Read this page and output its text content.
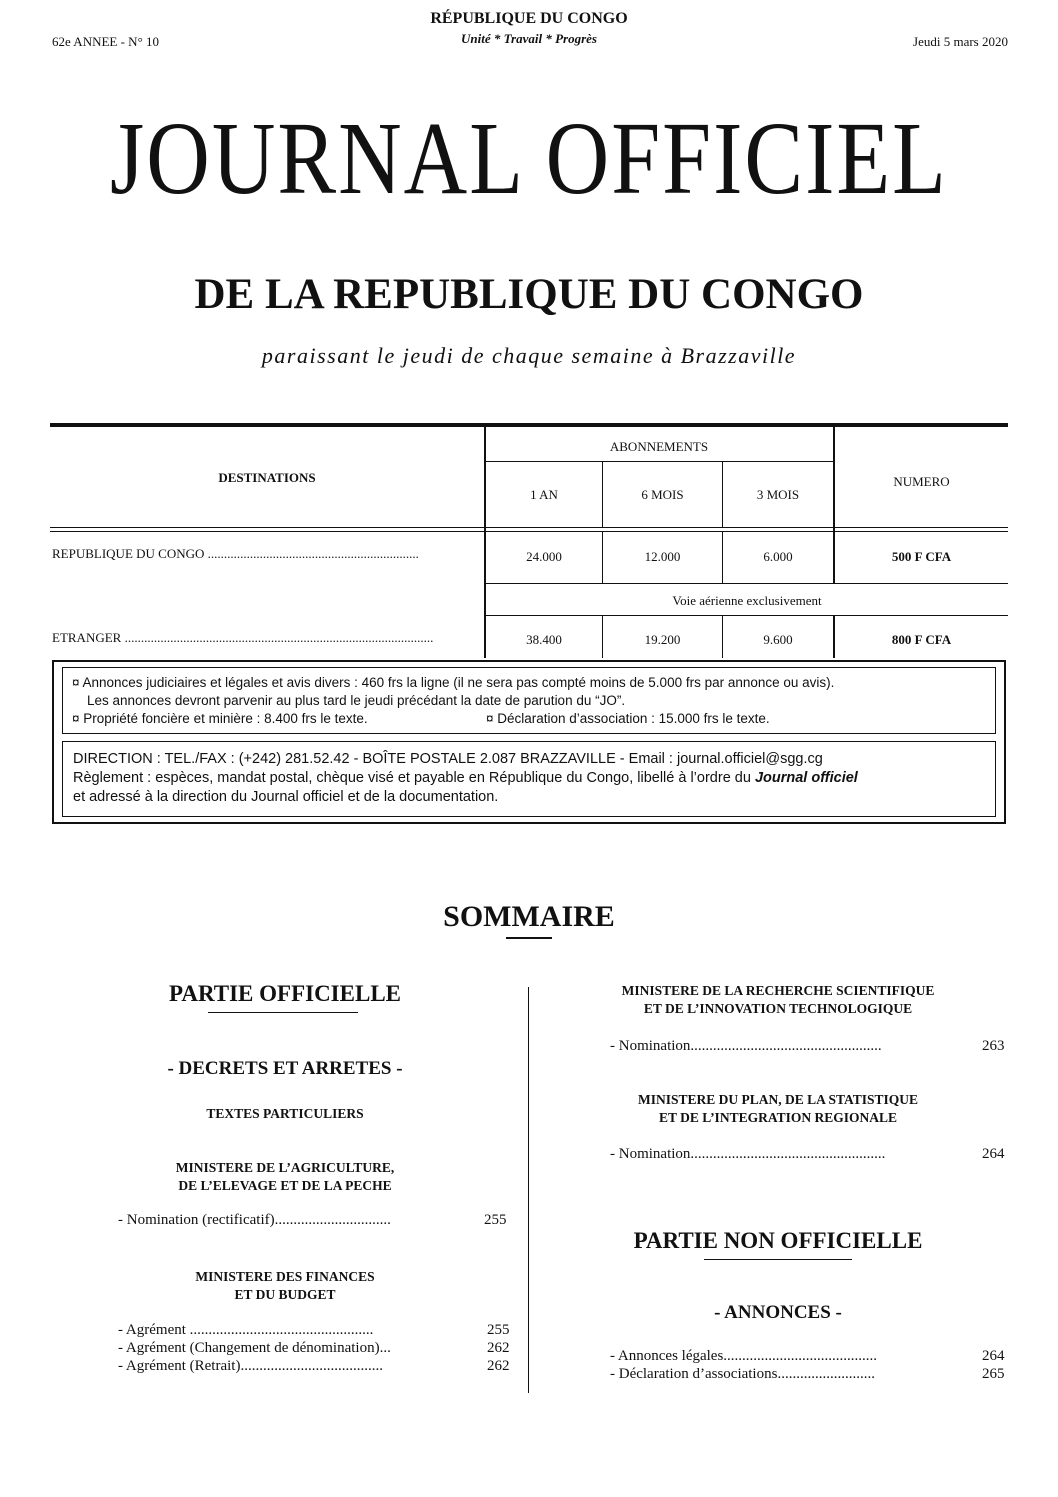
RÉPUBLIQUE DU CONGO
Unité * Travail * Progrès
62e ANNEE - N° 10	Jeudi 5 mars 2020
JOURNAL OFFICIEL
DE LA REPUBLIQUE DU CONGO
paraissant le jeudi de chaque semaine à Brazzaville
DESTINATIONS
ABONNEMENTS
1 AN	6 MOIS	3 MOIS
NUMERO
REPUBLIQUE DU CONGO .................................................................	24.000	12.000	6.000	500 F CFA
Voie aérienne exclusivement
ETRANGER ...............................................................................................	38.400	19.200	9.600	800 F CFA
¤ Annonces judiciaires et légales et avis divers : 460 frs la ligne (il ne sera pas compté moins de 5.000 frs par annonce ou avis).
Les annonces devront parvenir au plus tard le jeudi précédant la date de parution du “JO”.
¤ Propriété foncière et minière : 8.400 frs le texte.	¤ Déclaration d’association : 15.000 frs le texte.
DIRECTION : TEL./FAX : (+242) 281.52.42 - BOÎTE POSTALE 2.087 BRAZZAVILLE - Email : journal.officiel@sgg.cg
Règlement : espèces, mandat postal, chèque visé et payable en République du Congo, libellé à l’ordre du Journal officiel
et adressé à la direction du Journal officiel et de la documentation.
SOMMAIRE
PARTIE OFFICIELLE
- DECRETS ET ARRETES -
TEXTES PARTICULIERS
MINISTERE DE L’AGRICULTURE,
DE L’ELEVAGE ET DE LA PECHE
- Nomination (rectificatif)...............................	255
MINISTERE DES FINANCES
ET DU BUDGET
- Agrément .................................................	255
- Agrément (Changement de dénomination)...	262
- Agrément (Retrait)......................................	262
MINISTERE DE LA RECHERCHE SCIENTIFIQUE
ET DE L’INNOVATION TECHNOLOGIQUE
- Nomination...................................................	263
MINISTERE DU PLAN, DE LA STATISTIQUE
ET DE L’INTEGRATION REGIONALE
- Nomination....................................................	264
PARTIE NON OFFICIELLE
- ANNONCES -
- Annonces légales.........................................	264
- Déclaration d’associations..........................	265
